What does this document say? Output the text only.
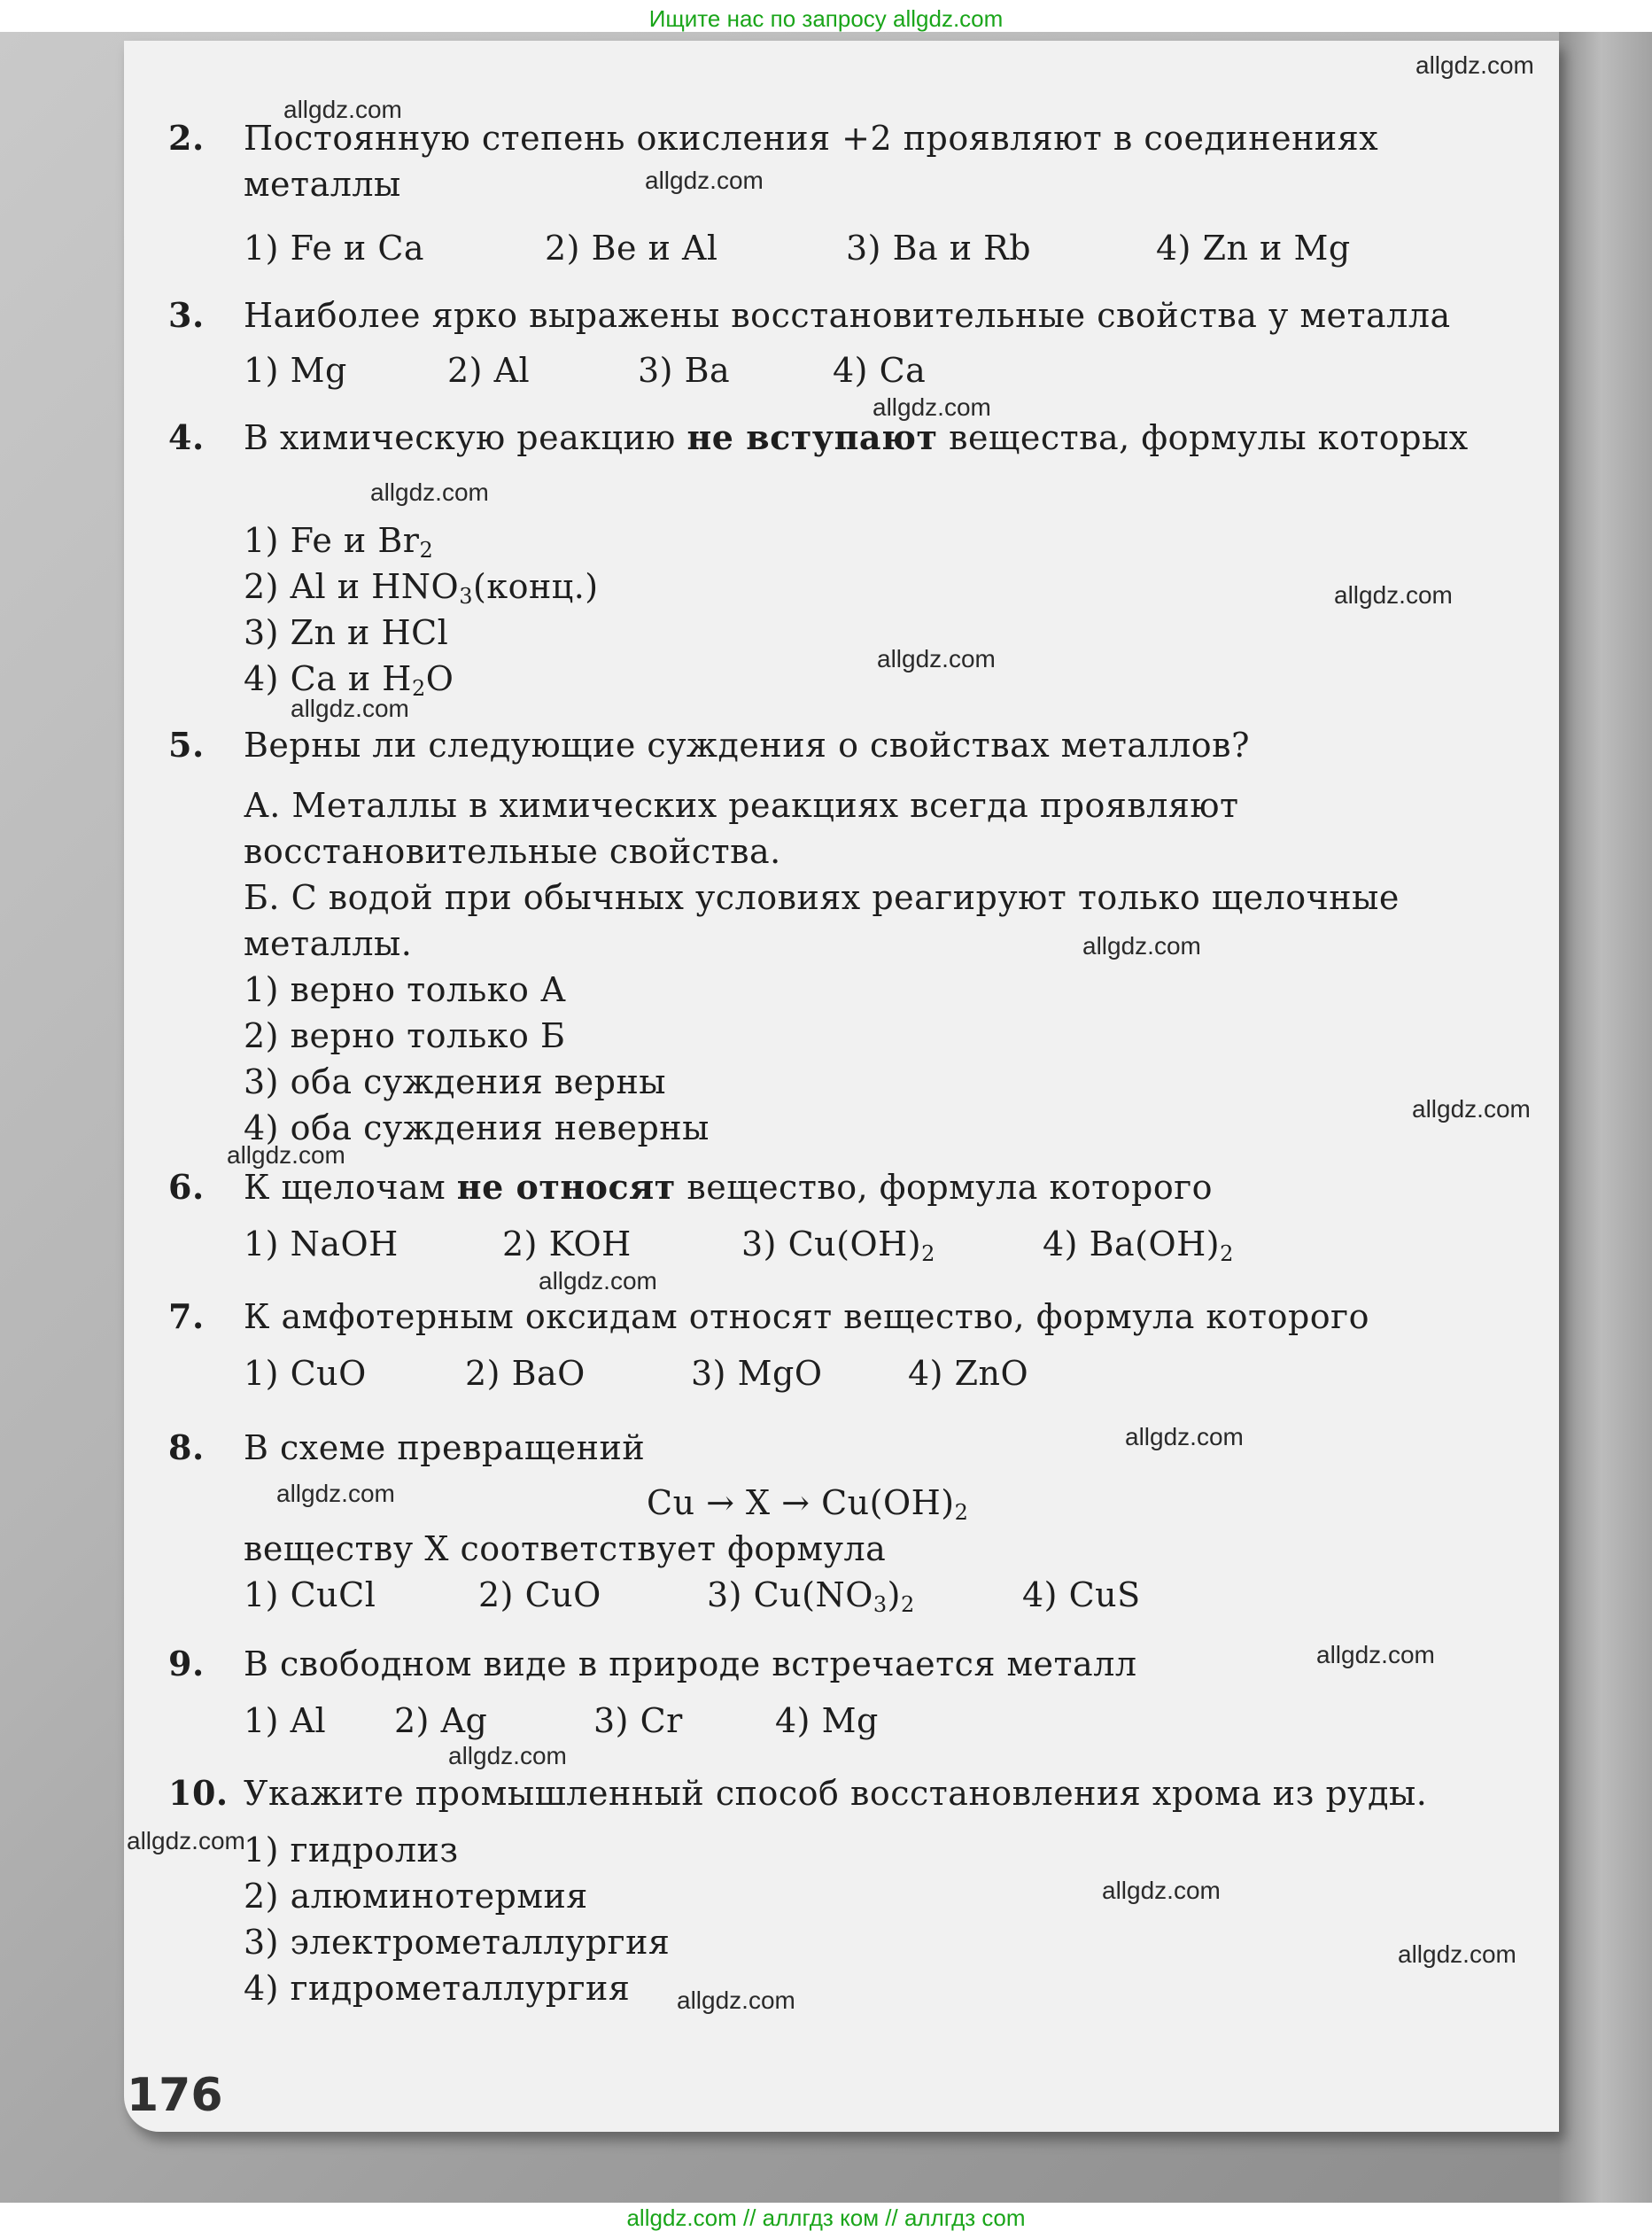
Ищите нас по запросу allgdz.com
2. Постоянную степень окисления +2 проявляют в соединениях металлы
1) Fe и Ca	2) Be и Al	3) Ba и Rb	4) Zn и Mg
3. Наиболее ярко выражены восстановительные свойства у металла
1) Mg	2) Al	3) Ba	4) Ca
4. В химическую реакцию не вступают вещества, формулы которых
1) Fe и $Br_2$
2) Al и $HNO_3(конц.)$
3) Zn и HCl
4) Ca и $H_2O$
5. Верны ли следующие суждения о свойствах металлов?
А. Металлы в химических реакциях всегда проявляют восстановительные свойства.
Б. С водой при обычных условиях реагируют только щелочные металлы.
1) верно только А
2) верно только Б
3) оба суждения верны
4) оба суждения неверны
6. К щелочам не относят вещество, формула которого
1) NaOH	2) KOH	3) $Cu(OH)_2$	4) $Ba(OH)_2$
7. К амфотерным оксидам относят вещество, формула которого
1) CuO	2) BaO	3) MgO	4) ZnO
8. В схеме превращений
$Cu \to X \to Cu(OH)_2$
веществу X соответствует формула
1) CuCl	2) CuO	3) $Cu(NO_3)_2$	4) CuS
9. В свободном виде в природе встречается металл
1) Al 2) Ag	3) Cr	4) Mg
10. Укажите промышленный способ восстановления хрома из руды.
1) гидролиз
2) алюминотермия
3) электрометаллургия
4) гидрометаллургия
176
allgdz.com
allgdz.com
allgdz.com
allgdz.com
allgdz.com
allgdz.com
allgdz.com
allgdz.com
allgdz.com
allgdz.com
allgdz.com
allgdz.com
allgdz.com
allgdz.com
allgdz.com
allgdz.com
allgdz.com
allgdz.com
allgdz.com
allgdz.com
allgdz.com // аллгдз ком // аллгдз com
